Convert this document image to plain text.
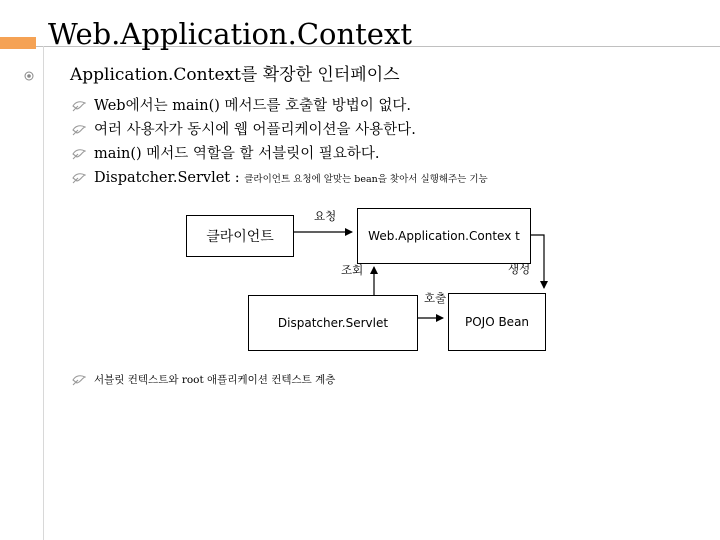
Web.Application.Context
Application.Context를 확장한 인터페이스
Web에서는 main() 메서드를 호출할 방법이 없다.
여러 사용자가 동시에 웹 어플리케이션을 사용한다.
main() 메서드 역할을 할 서블릿이 필요하다.
Dispatcher.Servlet : 클라이언트 요청에 알맞는 bean을 찾아서 실행해주는 기능
클라이언트	Web.Application.Contex t
Dispatcher.Servlet	POJO Bean
요청
생성
조회
호출
서블릿 컨텍스트와 root 애플리케이션 컨텍스트 계층
